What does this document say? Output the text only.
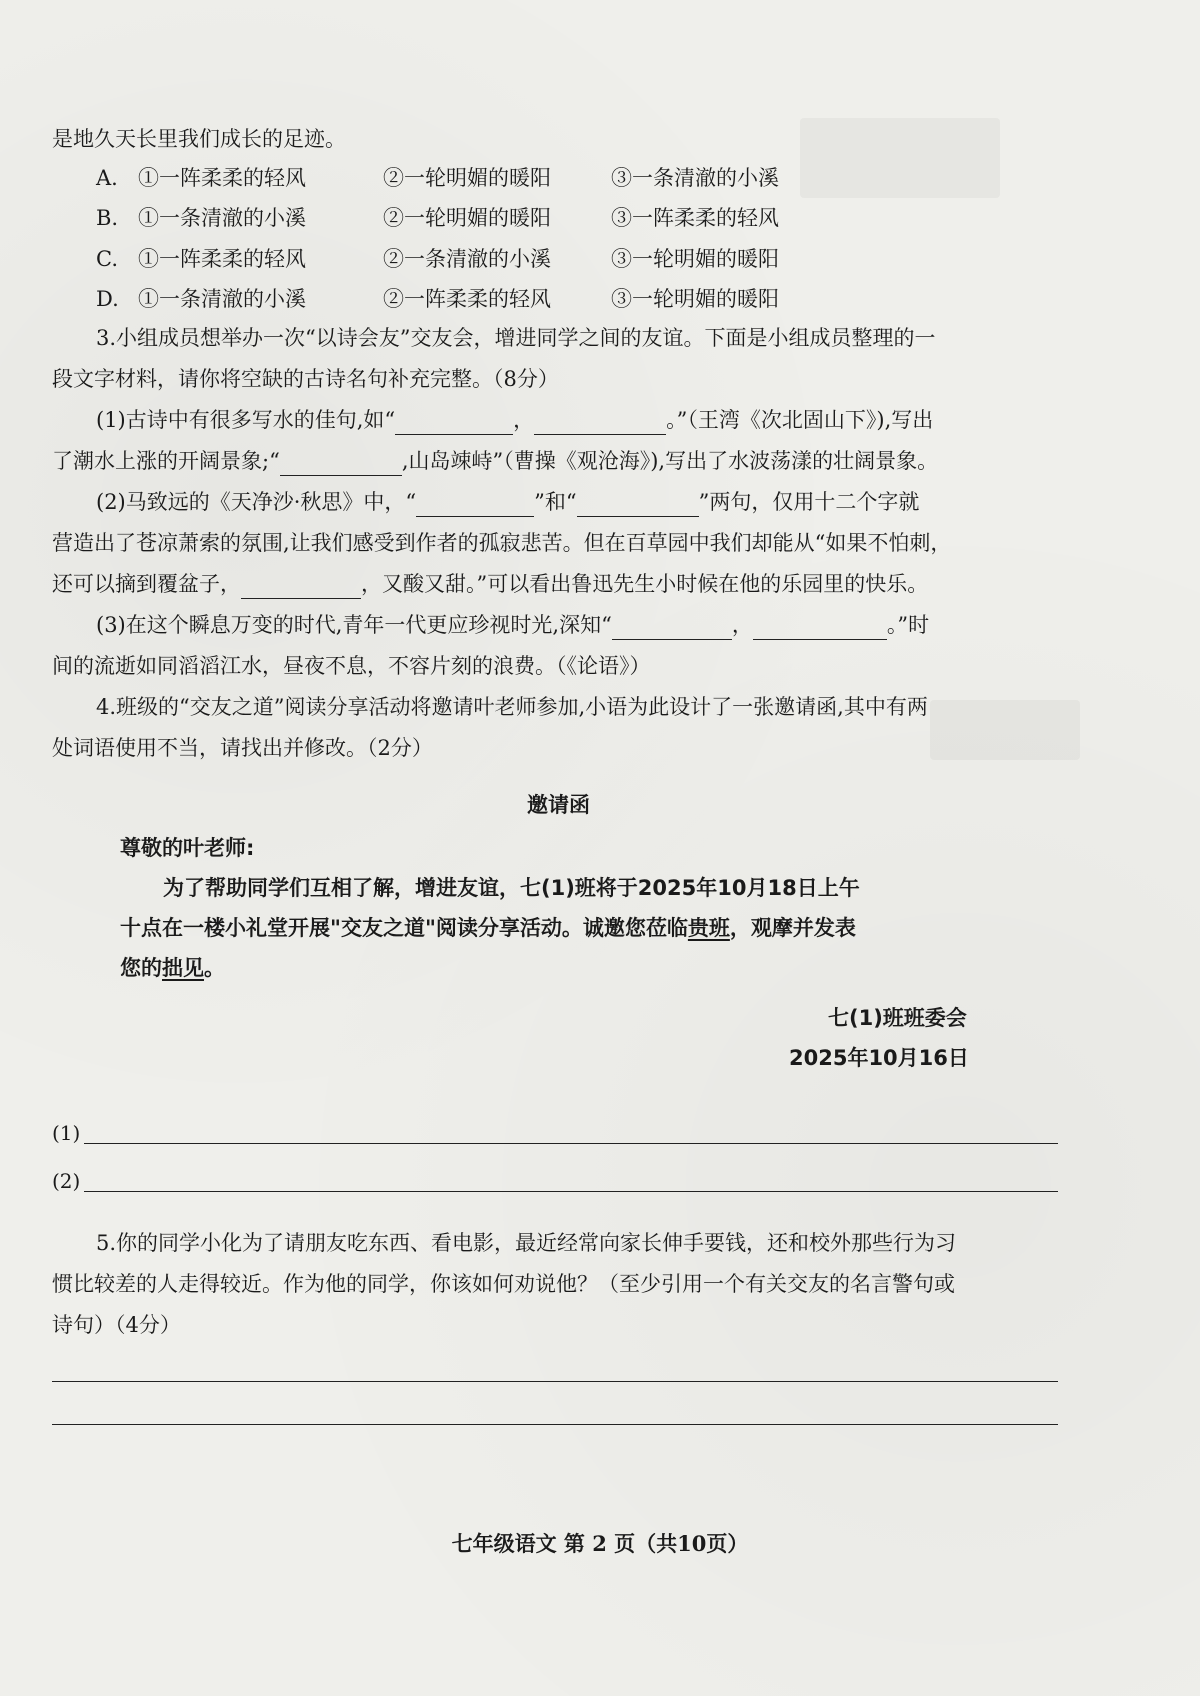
是地久天长里我们成长的足迹。
A. ①一阵柔柔的轻风	②一轮明媚的暖阳	③一条清澈的小溪
B. ①一条清澈的小溪	②一轮明媚的暖阳	③一阵柔柔的轻风
C. ①一阵柔柔的轻风	②一条清澈的小溪	③一轮明媚的暖阳
D. ①一条清澈的小溪	②一阵柔柔的轻风	③一轮明媚的暖阳
3.小组成员想举办一次“以诗会友”交友会，增进同学之间的友谊。下面是小组成员整理的一
段文字材料，请你将空缺的古诗名句补充完整。（8分）
(1)古诗中有很多写水的佳句,如“	，	。”（王湾《次北固山下》),写出
了潮水上涨的开阔景象;“	,山岛竦峙”（曹操《观沧海》),写出了水波荡漾的壮阔景象。
(2)马致远的《天净沙·秋思》中，“	”和“	”两句，仅用十二个字就
营造出了苍凉萧索的氛围,让我们感受到作者的孤寂悲苦。但在百草园中我们却能从“如果不怕刺，
还可以摘到覆盆子，	，又酸又甜。”可以看出鲁迅先生小时候在他的乐园里的快乐。
(3)在这个瞬息万变的时代,青年一代更应珍视时光,深知“	，	。”时
间的流逝如同滔滔江水，昼夜不息，不容片刻的浪费。（《论语》）
4.班级的“交友之道”阅读分享活动将邀请叶老师参加,小语为此设计了一张邀请函,其中有两
处词语使用不当，请找出并修改。（2分）
邀请函
尊敬的叶老师:
为了帮助同学们互相了解，增进友谊，七(1)班将于2025年10月18日上午
十点在一楼小礼堂开展"交友之道"阅读分享活动。诚邀您莅临贵班，观摩并发表
您的拙见。
七(1)班班委会
2025年10月16日
(1)
(2)
5.你的同学小化为了请朋友吃东西、看电影，最近经常向家长伸手要钱，还和校外那些行为习
惯比较差的人走得较近。作为他的同学，你该如何劝说他？（至少引用一个有关交友的名言警句或
诗句）（4分）
七年级语文 第 2 页（共10页）
